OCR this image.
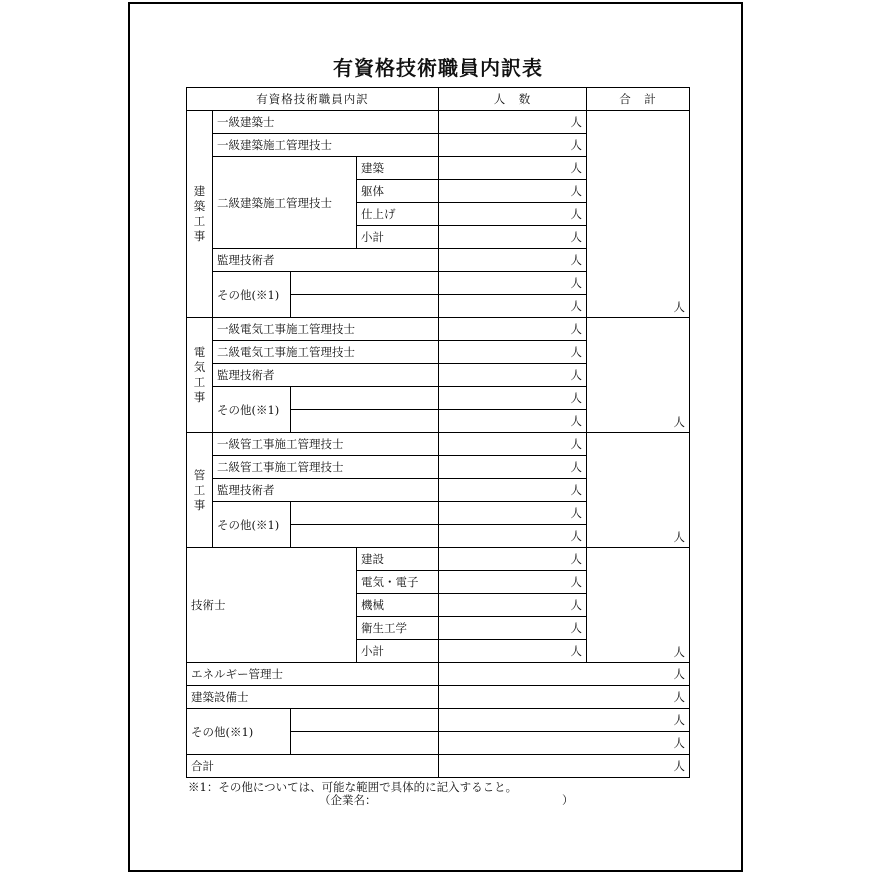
有資格技術職員内訳表
有資格技術職員内訳				人　数	合　計

建
築
工
事	一級建築士			人	人
	一級建築施工管理技士			人	
	二級建築施工管理技士		建築	人	
			躯体	人	
			仕上げ	人	
			小計	人	
	監理技術者			人	
	その他(※1)			人	
				人	

電
気
工
事	一級電気工事施工管理技士			人	人
	二級電気工事施工管理技士			人	
	監理技術者			人	
	その他(※1)			人	
				人	

管
工
事	一級管工事施工管理技士			人	人
	二級管工事施工管理技士			人	
	監理技術者			人	
	その他(※1)			人	
				人	
技術士			建設	人	人
			電気・電子	人	
			機械	人	
			衛生工学	人	
			小計	人	
エネルギー管理士				人	
建築設備士				人	
その他(※1)				人	
				人	
合計				人	
※1：その他については、可能な範囲で具体的に記入すること。
（企業名：	）
